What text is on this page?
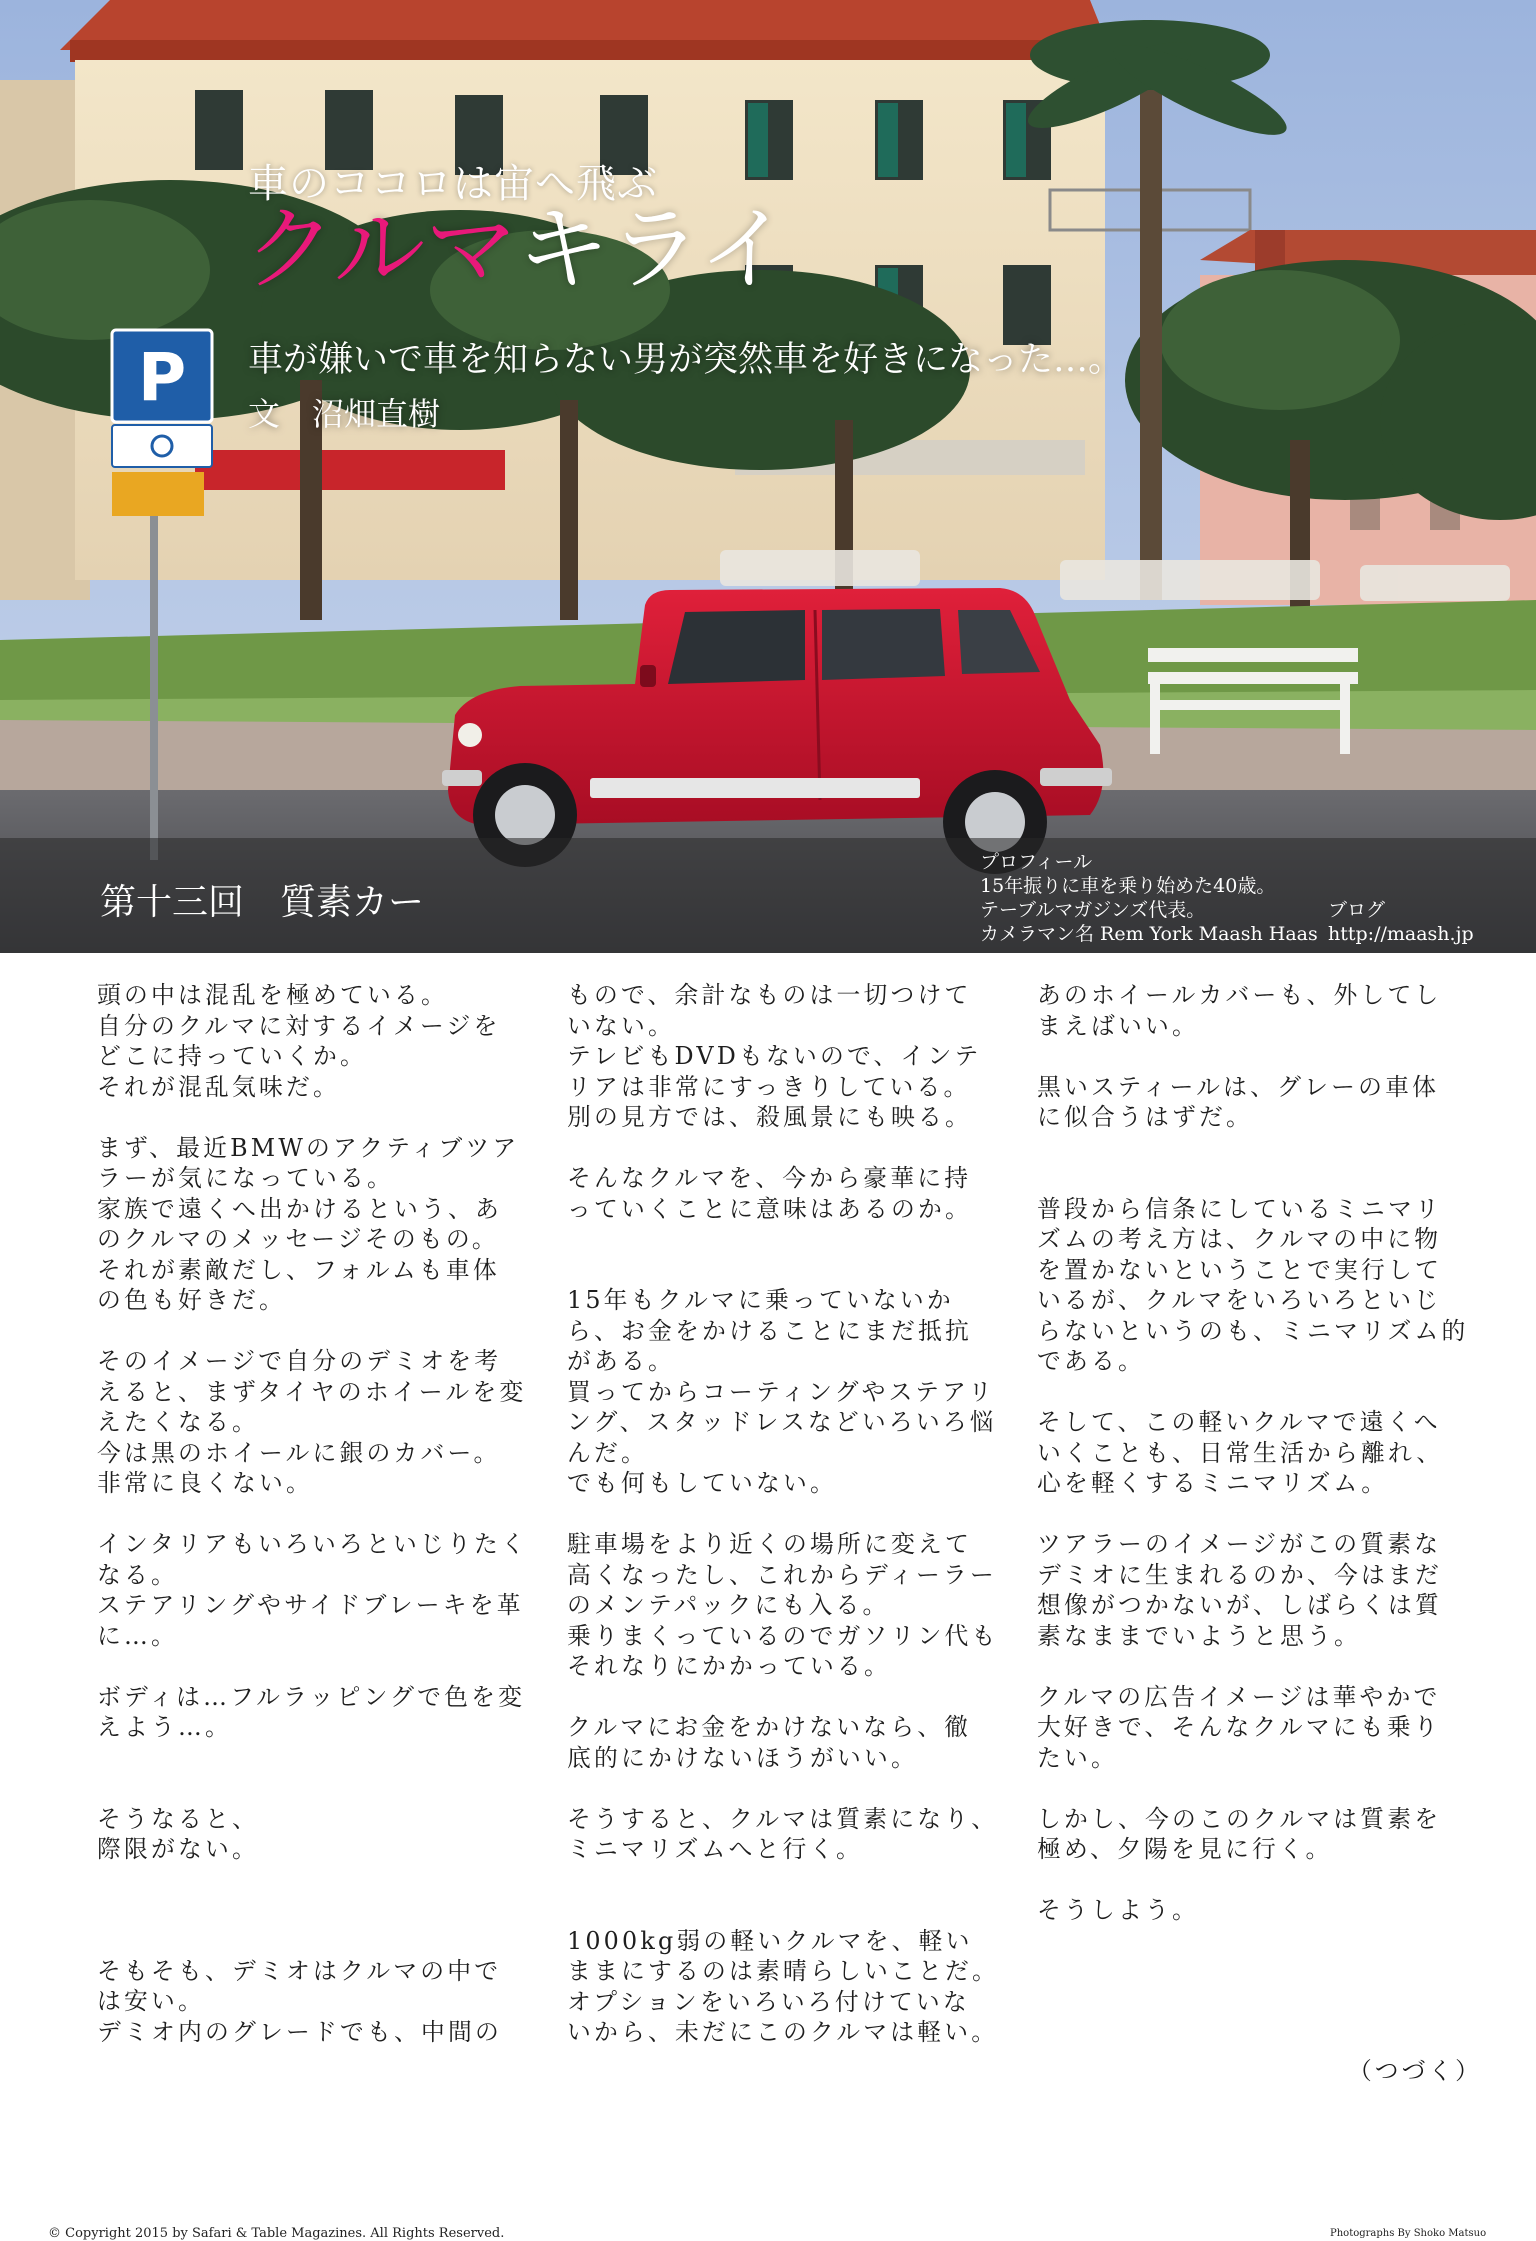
P
車のココロは宙へ飛ぶ
クルマキライ
車が嫌いで車を知らない男が突然車を好きになった…。
文　沼畑直樹
第十三回　質素カー
プロフィール
15年振りに車を乗り始めた40歳。
テーブルマガジンズ代表。
カメラマン名 Rem York Maash Haas
ブログ
http://maash.jp

頭の中は混乱を極めている。
自分のクルマに対するイメージを
どこに持っていくか。
それが混乱気味だ。

まず、最近BMWのアクティブツア
ラーが気になっている。
家族で遠くへ出かけるという、あ
のクルマのメッセージそのもの。
それが素敵だし、フォルムも車体
の色も好きだ。

そのイメージで自分のデミオを考
えると、まずタイヤのホイールを変
えたくなる。
今は黒のホイールに銀のカバー。
非常に良くない。

インタリアもいろいろといじりたく
なる。
ステアリングやサイドブレーキを革
に…。

ボディは…フルラッピングで色を変
えよう…。

そうなると、
際限がない。

そもそも、デミオはクルマの中で
は安い。
デミオ内のグレードでも、中間の

もので、余計なものは一切つけて
いない。
テレビもDVDもないので、インテ
リアは非常にすっきりしている。
別の見方では、殺風景にも映る。

そんなクルマを、今から豪華に持
っていくことに意味はあるのか。

15年もクルマに乗っていないか
ら、お金をかけることにまだ抵抗
がある。
買ってからコーティングやステアリ
ング、スタッドレスなどいろいろ悩
んだ。
でも何もしていない。

駐車場をより近くの場所に変えて
高くなったし、これからディーラー
のメンテパックにも入る。
乗りまくっているのでガソリン代も
それなりにかかっている。

クルマにお金をかけないなら、徹
底的にかけないほうがいい。

そうすると、クルマは質素になり、
ミニマリズムへと行く。

1000kg弱の軽いクルマを、軽い
ままにするのは素晴らしいことだ。
オプションをいろいろ付けていな
いから、未だにこのクルマは軽い。

あのホイールカバーも、外してし
まえばいい。

黒いスティールは、グレーの車体
に似合うはずだ。

普段から信条にしているミニマリ
ズムの考え方は、クルマの中に物
を置かないということで実行して
いるが、クルマをいろいろといじ
らないというのも、ミニマリズム的
である。

そして、この軽いクルマで遠くへ
いくことも、日常生活から離れ、
心を軽くするミニマリズム。

ツアラーのイメージがこの質素な
デミオに生まれるのか、今はまだ
想像がつかないが、しばらくは質
素なままでいようと思う。

クルマの広告イメージは華やかで
大好きで、そんなクルマにも乗り
たい。

しかし、今のこのクルマは質素を
極め、夕陽を見に行く。

そうしよう。

（つづく）
© Copyright 2015 by Safari & Table Magazines. All Rights Reserved.	Photographs By Shoko Matsuo
